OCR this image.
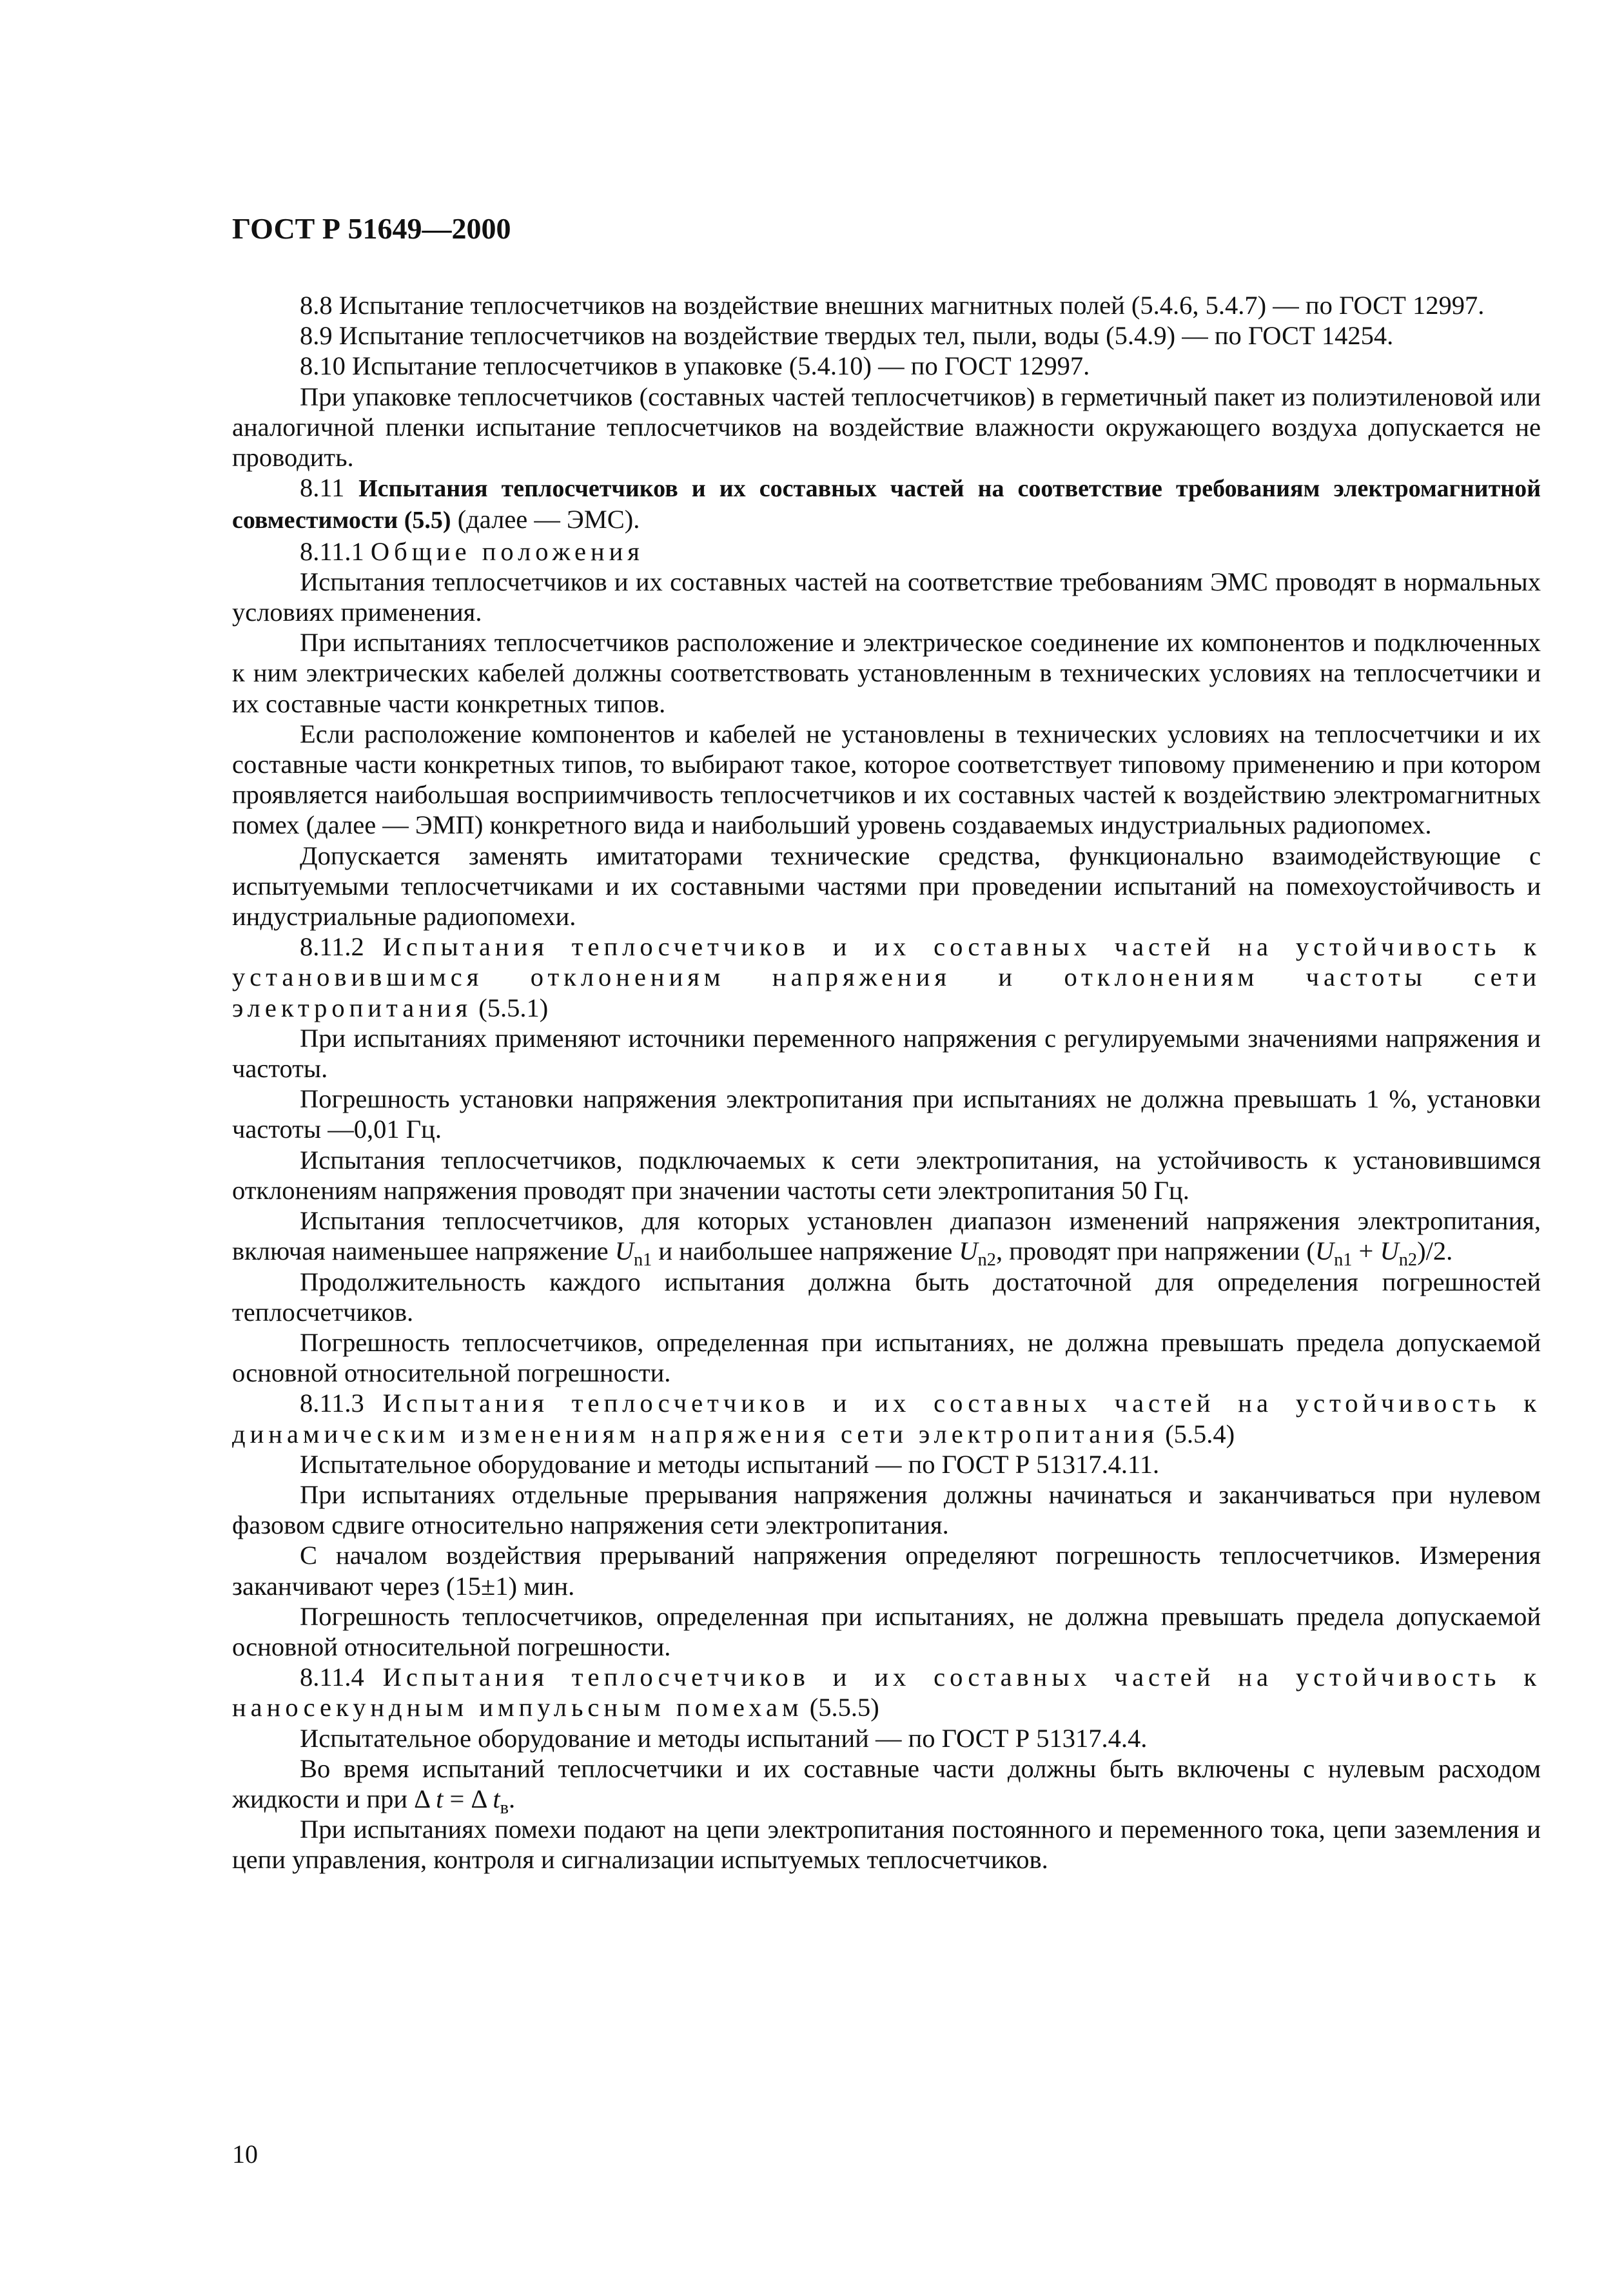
ГОСТ Р 51649—2000

8.8 Испытание теплосчетчиков на воздействие внешних магнитных полей (5.4.6, 5.4.7) — по ГОСТ 12997.

8.9 Испытание теплосчетчиков на воздействие твердых тел, пыли, воды (5.4.9) — по ГОСТ 14254.

8.10 Испытание теплосчетчиков в упаковке (5.4.10) — по ГОСТ 12997.

При упаковке теплосчетчиков (составных частей теплосчетчиков) в герметичный пакет из полиэтиленовой или аналогичной пленки испытание теплосчетчиков на воздействие влажности окружающего воздуха допускается не проводить.

8.11 Испытания теплосчетчиков и их составных частей на соответствие требованиям электромагнитной совместимости (5.5) (далее — ЭМС).

8.11.1 Общие положения

Испытания теплосчетчиков и их составных частей на соответствие требованиям ЭМС проводят в нормальных условиях применения.

При испытаниях теплосчетчиков расположение и электрическое соединение их компонентов и подключенных к ним электрических кабелей должны соответствовать установленным в технических условиях на теплосчетчики и их составные части конкретных типов.

Если расположение компонентов и кабелей не установлены в технических условиях на теплосчетчики и их составные части конкретных типов, то выбирают такое, которое соответствует типовому применению и при котором проявляется наибольшая восприимчивость теплосчетчиков и их составных частей к воздействию электромагнитных помех (далее — ЭМП) конкретного вида и наибольший уровень создаваемых индустриальных радиопомех.

Допускается заменять имитаторами технические средства, функционально взаимодействующие с испытуемыми теплосчетчиками и их составными частями при проведении испытаний на помехоустойчивость и индустриальные радиопомехи.

8.11.2 Испытания теплосчетчиков и их составных частей на устойчивость к установившимся отклонениям напряжения и отклонениям частоты сети электропитания (5.5.1)

При испытаниях применяют источники переменного напряжения с регулируемыми значениями напряжения и частоты.

Погрешность установки напряжения электропитания при испытаниях не должна превышать 1 %, установки частоты —0,01 Гц.

Испытания теплосчетчиков, подключаемых к сети электропитания, на устойчивость к установившимся отклонениям напряжения проводят при значении частоты сети электропитания 50 Гц.

Испытания теплосчетчиков, для которых установлен диапазон изменений напряжения электропитания, включая наименьшее напряжение $U_{n1}$ и наибольшее напряжение $U_{n2}$, проводят при напряжении $(U_{n1} + U_{n2})/2$.

Продолжительность каждого испытания должна быть достаточной для определения погрешностей теплосчетчиков.

Погрешность теплосчетчиков, определенная при испытаниях, не должна превышать предела допускаемой основной относительной погрешности.

8.11.3 Испытания теплосчетчиков и их составных частей на устойчивость к динамическим изменениям напряжения сети электропитания (5.5.4)

Испытательное оборудование и методы испытаний — по ГОСТ Р 51317.4.11.

При испытаниях отдельные прерывания напряжения должны начинаться и заканчиваться при нулевом фазовом сдвиге относительно напряжения сети электропитания.

С началом воздействия прерываний напряжения определяют погрешность теплосчетчиков. Измерения заканчивают через (15±1) мин.

Погрешность теплосчетчиков, определенная при испытаниях, не должна превышать предела допускаемой основной относительной погрешности.

8.11.4 Испытания теплосчетчиков и их составных частей на устойчивость к наносекундным импульсным помехам (5.5.5)

Испытательное оборудование и методы испытаний — по ГОСТ Р 51317.4.4.

Во время испытаний теплосчетчики и их составные части должны быть включены с нулевым расходом жидкости и при Δ t = Δ $t_в$.

При испытаниях помехи подают на цепи электропитания постоянного и переменного тока, цепи заземления и цепи управления, контроля и сигнализации испытуемых теплосчетчиков.

10
